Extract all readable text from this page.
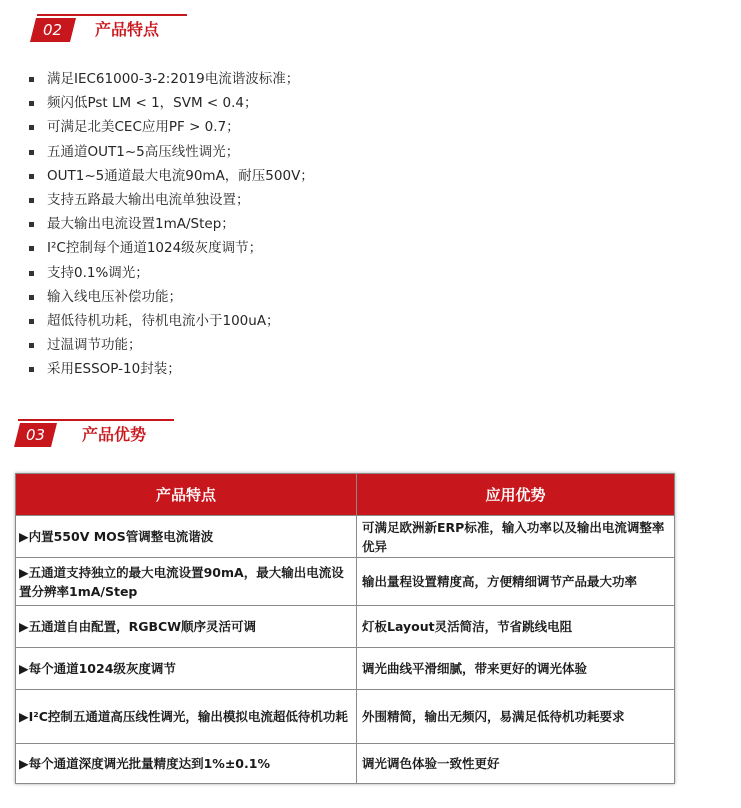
02	产品特点
满足IEC61000-3-2:2019电流谐波标准；
频闪低Pst LM < 1，SVM < 0.4；
可满足北美CEC应用PF > 0.7；
五通道OUT1~5高压线性调光；
OUT1~5通道最大电流90mA，耐压500V；
支持五路最大输出电流单独设置；
最大输出电流设置1mA/Step；
I²C控制每个通道1024级灰度调节；
支持0.1%调光；
输入线电压补偿功能；
超低待机功耗，待机电流小于100uA；
过温调节功能；
采用ESSOP-10封装；
03	产品优势
产品特点	应用优势
▶内置550V MOS管调整电流谐波	可满足欧洲新ERP标准，输入功率以及输出电流调整率优异
▶五通道支持独立的最大电流设置90mA，最大输出电流设置分辨率1mA/Step	输出量程设置精度高，方便精细调节产品最大功率
▶五通道自由配置，RGBCW顺序灵活可调	灯板Layout灵活简洁，节省跳线电阻
▶每个通道1024级灰度调节	调光曲线平滑细腻，带来更好的调光体验
▶I²C控制五通道高压线性调光，输出模拟电流超低待机功耗	外围精简，输出无频闪，易满足低待机功耗要求
▶每个通道深度调光批量精度达到1%±0.1%	调光调色体验一致性更好
